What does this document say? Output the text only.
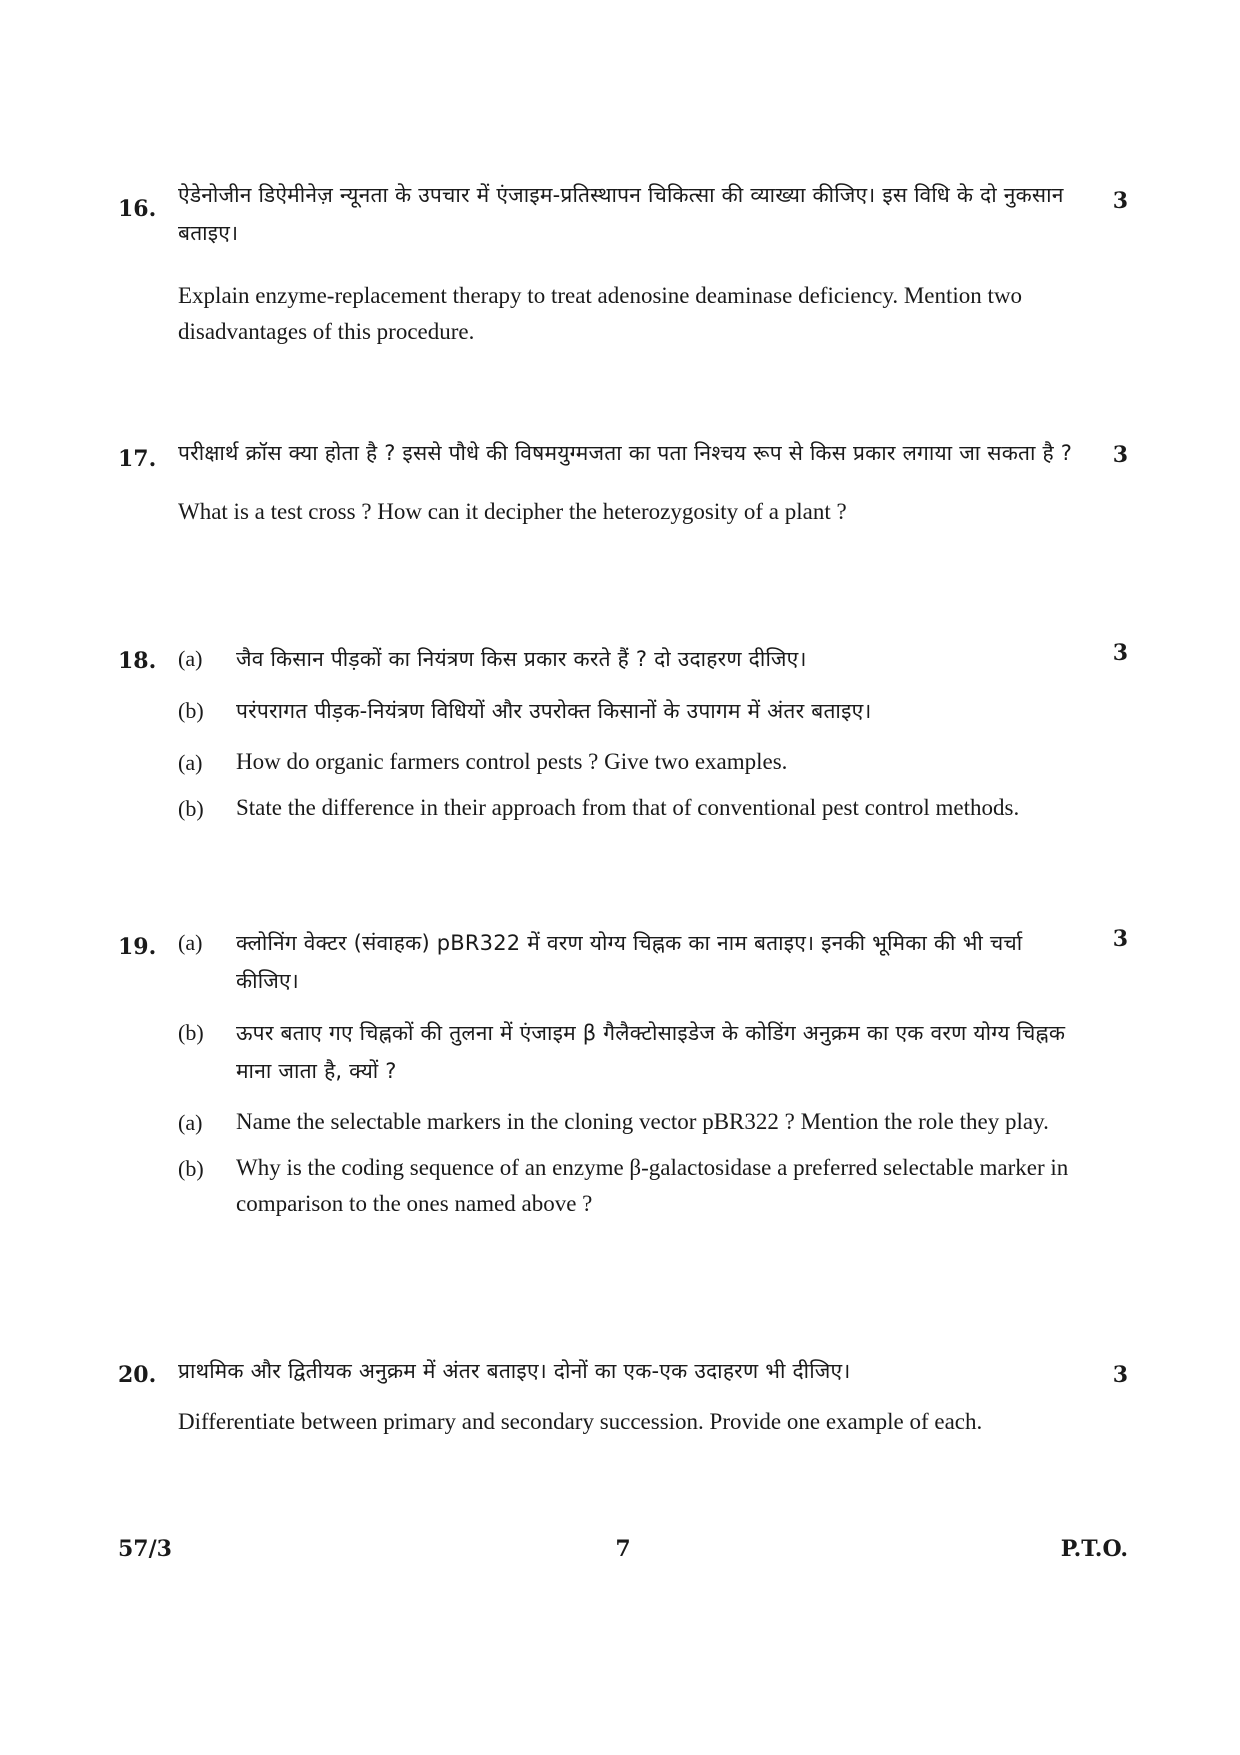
16.	3

ऐडेनोजीन डिऐमीनेज़ न्यूनता के उपचार में एंजाइम-प्रतिस्थापन चिकित्सा की व्याख्या कीजिए। इस विधि के दो नुकसान बताइए।

Explain enzyme-replacement therapy to treat adenosine deaminase deficiency. Mention two disadvantages of this procedure.

17.	3

परीक्षार्थ क्रॉस क्या होता है ? इससे पौधे की विषमयुग्मजता का पता निश्चय रूप से किस प्रकार लगाया जा सकता है ?

What is a test cross ? How can it decipher the heterozygosity of a plant ?

18.	3
(a) जैव किसान पीड़कों का नियंत्रण किस प्रकार करते हैं ? दो उदाहरण दीजिए।

(b) परंपरागत पीड़क-नियंत्रण विधियों और उपरोक्त किसानों के उपागम में अंतर बताइए।

(a) How do organic farmers control pests ? Give two examples.

(b) State the difference in their approach from that of conventional pest control methods.

19.	3
(a) क्लोनिंग वेक्टर (संवाहक) pBR322 में वरण योग्य चिह्नक का नाम बताइए। इनकी भूमिका की भी चर्चा कीजिए।

(b) ऊपर बताए गए चिह्नकों की तुलना में एंजाइम β गैलैक्टोसाइडेज के कोडिंग अनुक्रम का एक वरण योग्य चिह्नक माना जाता है, क्यों ?

(a) Name the selectable markers in the cloning vector pBR322 ? Mention the role they play.

(b) Why is the coding sequence of an enzyme β-galactosidase a preferred selectable marker in comparison to the ones named above ?

20.	3

प्राथमिक और द्वितीयक अनुक्रम में अंतर बताइए। दोनों का एक-एक उदाहरण भी दीजिए।

Differentiate between primary and secondary succession. Provide one example of each.

57/3	7	P.T.O.
